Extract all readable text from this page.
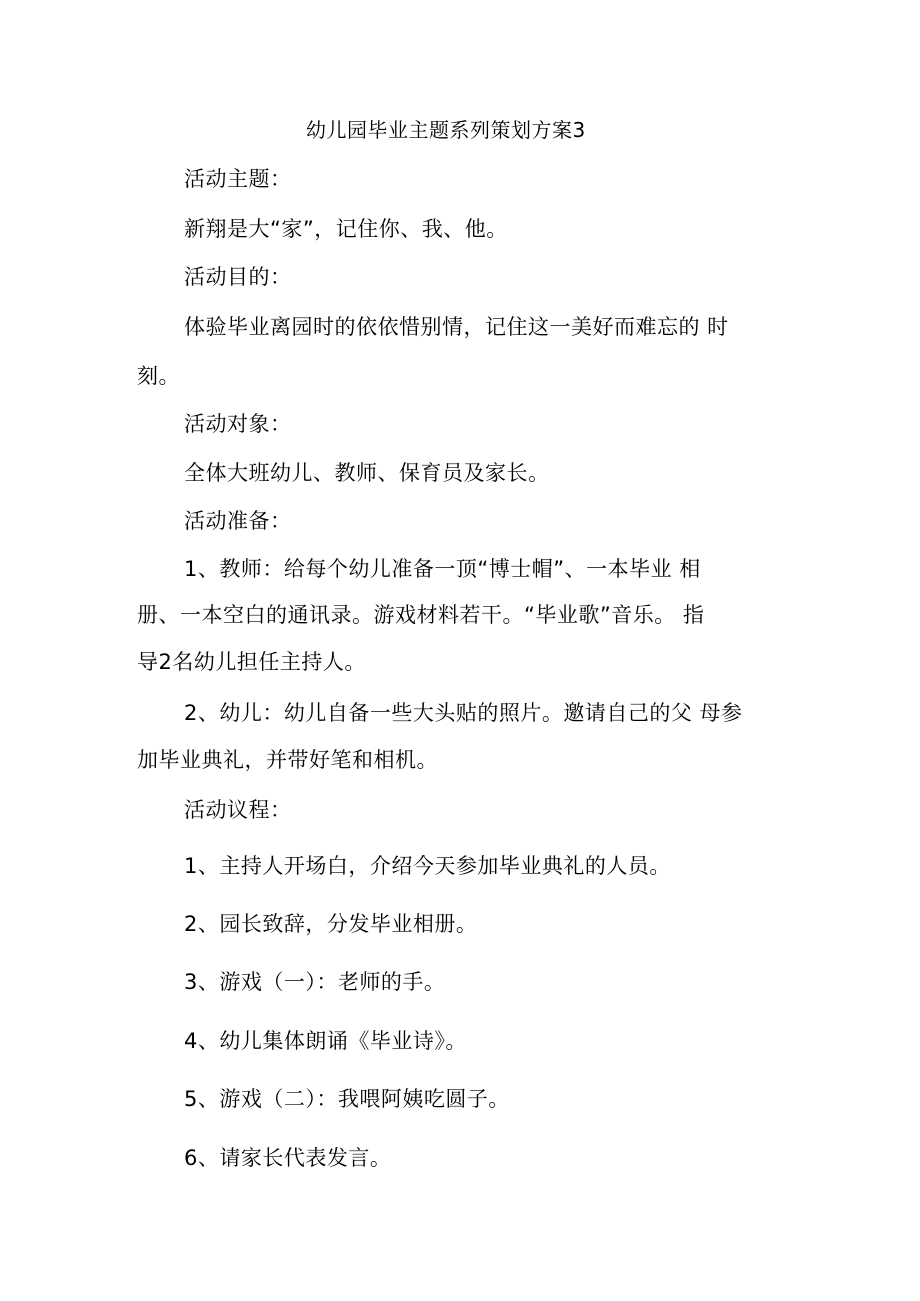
幼儿园毕业主题系列策划方案3
活动主题：
新翔是大“家”，记住你、我、他。
活动目的：
体验毕业离园时的依依惜别情，记住这一美好而难忘的 时
刻。
活动对象：
全体大班幼儿、教师、保育员及家长。
活动准备：
1、教师：给每个幼儿准备一顶“博士帽”、一本毕业 相
册、一本空白的通讯录。游戏材料若干。“毕业歌”音乐。 指
导2名幼儿担任主持人。
2、幼儿：幼儿自备一些大头贴的照片。邀请自己的父 母参
加毕业典礼，并带好笔和相机。
活动议程：
1、主持人开场白，介绍今天参加毕业典礼的人员。
2、园长致辞，分发毕业相册。
3、游戏（一）：老师的手。
4、幼儿集体朗诵《毕业诗》。
5、游戏（二）：我喂阿姨吃圆子。
6、请家长代表发言。
